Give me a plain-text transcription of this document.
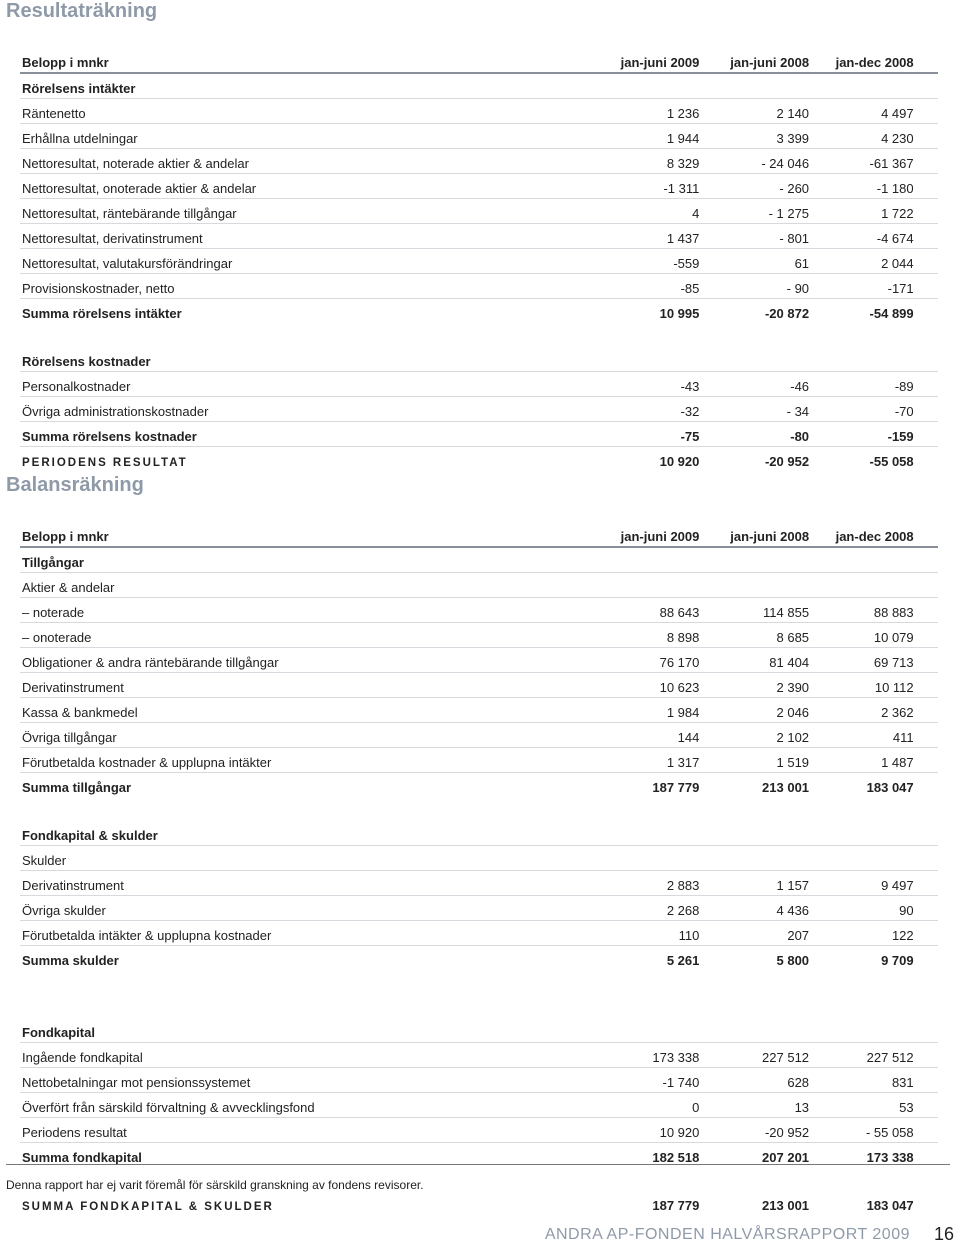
Resultaträkning
Belopp i mnkr	jan-juni 2009	jan-juni 2008	jan-dec 2008	
Rörelsens intäkter				
Räntenetto	1 236	2 140	4 497	
Erhållna utdelningar	1 944	3 399	4 230	
Nettoresultat, noterade aktier & andelar	8 329	- 24 046	-61 367	
Nettoresultat, onoterade aktier & andelar	-1 311	- 260	-1 180	
Nettoresultat, räntebärande tillgångar	4	- 1 275	1 722	
Nettoresultat, derivatinstrument	1 437	- 801	-4 674	
Nettoresultat, valutakursförändringar	-559	61	2 044	
Provisionskostnader, netto	-85	- 90	-171	
Summa rörelsens intäkter	10 995	-20 872	-54 899	

Rörelsens kostnader				
Personalkostnader	-43	-46	-89	
Övriga administrationskostnader	-32	- 34	-70	
Summa rörelsens kostnader	-75	-80	-159	
PERIODENS RESULTAT	10 920	-20 952	-55 058	
Balansräkning
Belopp i mnkr	jan-juni 2009	jan-juni 2008	jan-dec 2008	
Tillgångar				
Aktier & andelar				
– noterade	88 643	114 855	88 883	
– onoterade	8 898	8 685	10 079	
Obligationer & andra räntebärande tillgångar	76 170	81 404	69 713	
Derivatinstrument	10 623	2 390	10 112	
Kassa & bankmedel	1 984	2 046	2 362	
Övriga tillgångar	144	2 102	411	
Förutbetalda kostnader & upplupna intäkter	1 317	1 519	1 487	
Summa tillgångar	187 779	213 001	183 047	

Fondkapital & skulder				
Skulder				
Derivatinstrument	2 883	1 157	9 497	
Övriga skulder	2 268	4 436	90	
Förutbetalda intäkter & upplupna kostnader	110	207	122	
Summa skulder	5 261	5 800	9 709	

Fondkapital				
Ingående fondkapital	173 338	227 512	227 512	
Nettobetalningar mot pensionssystemet	-1 740	628	831	
Överfört från särskild förvaltning & avvecklingsfond	0	13	53	
Periodens resultat	10 920	-20 952	- 55 058	
Summa fondkapital	182 518	207 201	173 338	

SUMMA FONDKAPITAL & SKULDER	187 779	213 001	183 047	
Denna rapport har ej varit föremål för särskild granskning av fondens revisorer.
ANDRA AP-FONDEN HALVÅRSRAPPORT 2009 16
